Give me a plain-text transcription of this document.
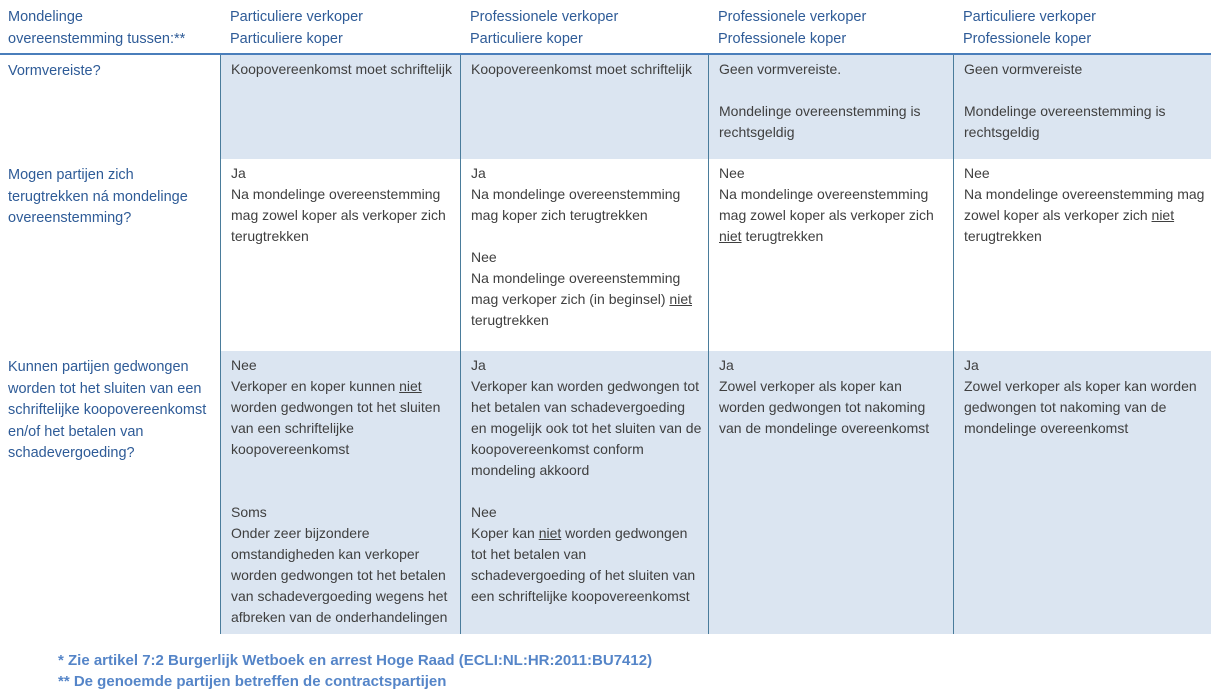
Mondelinge
overeenstemming tussen:**
Particuliere verkoper
Particuliere koper
Professionele verkoper
Particuliere koper
Professionele verkoper
Professionele koper
Particuliere verkoper
Professionele koper
Vormvereiste?	Koopovereenkomst moet schriftelijk Koopovereenkomst moet schriftelijk	Geen vormvereiste.
Mondelinge overeenstemming is rechtsgeldig
Geen vormvereiste
Mondelinge overeenstemming is rechtsgeldig
Mogen partijen zich terugtrekken ná mondelinge overeenstemming?
Ja
Na mondelinge overeenstemming mag zowel koper als verkoper zich terugtrekken
Ja
Na mondelinge overeenstemming mag koper zich terugtrekken
Nee
Na mondelinge overeenstemming mag verkoper zich (in beginsel) niet terugtrekken
Nee
Na mondelinge overeenstemming mag zowel koper als verkoper zich niet terugtrekken
Nee
Na mondelinge overeenstemming mag zowel koper als verkoper zich niet terugtrekken
Kunnen partijen gedwongen worden tot het sluiten van een schriftelijke koopovereenkomst en/of het betalen van schadevergoeding?
Nee
Verkoper en koper kunnen niet worden gedwongen tot het sluiten van een schriftelijke koopovereenkomst
Soms
Onder zeer bijzondere omstandigheden kan verkoper worden gedwongen tot het betalen van schadevergoeding wegens het afbreken van de onderhandelingen
Ja
Verkoper kan worden gedwongen tot het betalen van schadevergoeding en mogelijk ook tot het sluiten van de koopovereenkomst conform mondeling akkoord
Nee
Koper kan niet worden gedwongen tot het betalen van schadevergoeding of het sluiten van een schriftelijke koopovereenkomst
Ja
Zowel verkoper als koper kan worden gedwongen tot nakoming van de mondelinge overeenkomst
Ja
Zowel verkoper als koper kan worden gedwongen tot nakoming van de mondelinge overeenkomst
* Zie artikel 7:2 Burgerlijk Wetboek en arrest Hoge Raad (ECLI:NL:HR:2011:BU7412)
** De genoemde partijen betreffen de contractspartijen
